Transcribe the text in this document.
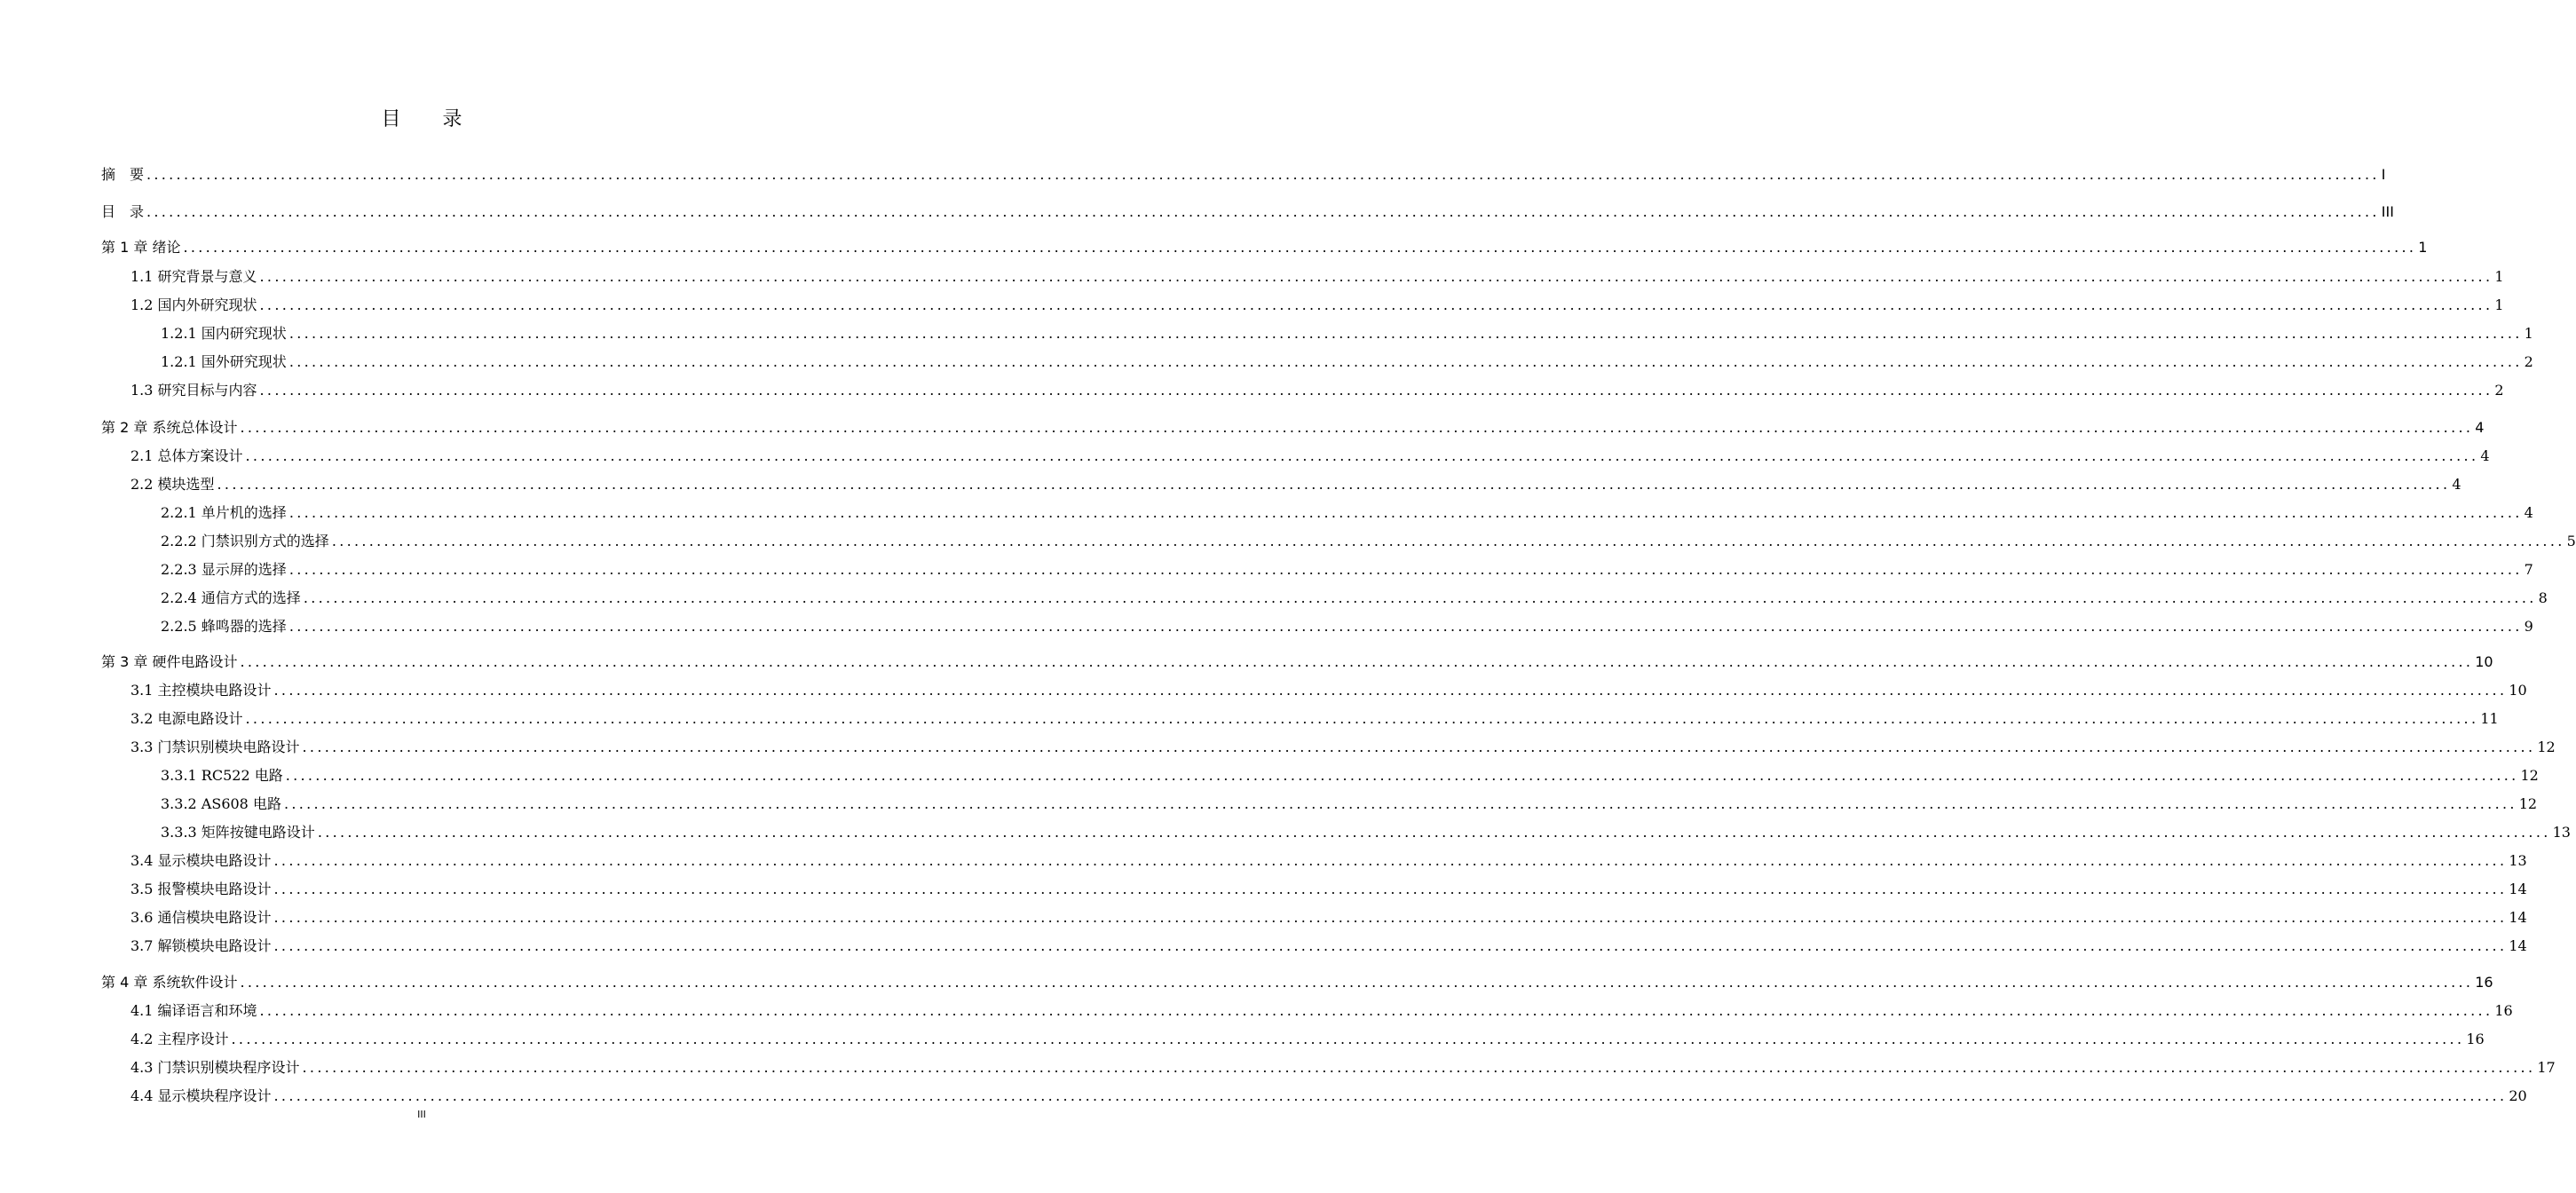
目 录
摘　要 ............................................................................................................................................................................................................................................................................................................ I
目　录 ............................................................................................................................................................................................................................................................................................................ III
第 1 章 绪论 ............................................................................................................................................................................................................................................................................................................ 1
1.1 研究背景与意义 ............................................................................................................................................................................................................................................................................................................ 1
1.2 国内外研究现状 ............................................................................................................................................................................................................................................................................................................ 1
1.2.1 国内研究现状 ............................................................................................................................................................................................................................................................................................................ 1
1.2.1 国外研究现状 ............................................................................................................................................................................................................................................................................................................ 2
1.3 研究目标与内容 ............................................................................................................................................................................................................................................................................................................ 2
第 2 章 系统总体设计 ............................................................................................................................................................................................................................................................................................................ 4
2.1 总体方案设计 ............................................................................................................................................................................................................................................................................................................ 4
2.2 模块选型 ............................................................................................................................................................................................................................................................................................................ 4
2.2.1 单片机的选择 ............................................................................................................................................................................................................................................................................................................ 4
2.2.2 门禁识别方式的选择 ............................................................................................................................................................................................................................................................................................................ 5
2.2.3 显示屏的选择 ............................................................................................................................................................................................................................................................................................................ 7
2.2.4 通信方式的选择 ............................................................................................................................................................................................................................................................................................................ 8
2.2.5 蜂鸣器的选择 ............................................................................................................................................................................................................................................................................................................ 9
第 3 章 硬件电路设计 ............................................................................................................................................................................................................................................................................................................ 10
3.1 主控模块电路设计 ............................................................................................................................................................................................................................................................................................................ 10
3.2 电源电路设计 ............................................................................................................................................................................................................................................................................................................ 11
3.3 门禁识别模块电路设计 ............................................................................................................................................................................................................................................................................................................ 12
3.3.1 RC522 电路 ............................................................................................................................................................................................................................................................................................................ 12
3.3.2 AS608 电路 ............................................................................................................................................................................................................................................................................................................ 12
3.3.3 矩阵按键电路设计 ............................................................................................................................................................................................................................................................................................................ 13
3.4 显示模块电路设计 ............................................................................................................................................................................................................................................................................................................ 13
3.5 报警模块电路设计 ............................................................................................................................................................................................................................................................................................................ 14
3.6 通信模块电路设计 ............................................................................................................................................................................................................................................................................................................ 14
3.7 解锁模块电路设计 ............................................................................................................................................................................................................................................................................................................ 14
第 4 章 系统软件设计 ............................................................................................................................................................................................................................................................................................................ 16
4.1 编译语言和环境 ............................................................................................................................................................................................................................................................................................................ 16
4.2 主程序设计 ............................................................................................................................................................................................................................................................................................................ 16
4.3 门禁识别模块程序设计 ............................................................................................................................................................................................................................................................................................................ 17
4.4 显示模块程序设计 ............................................................................................................................................................................................................................................................................................................ 20
III
